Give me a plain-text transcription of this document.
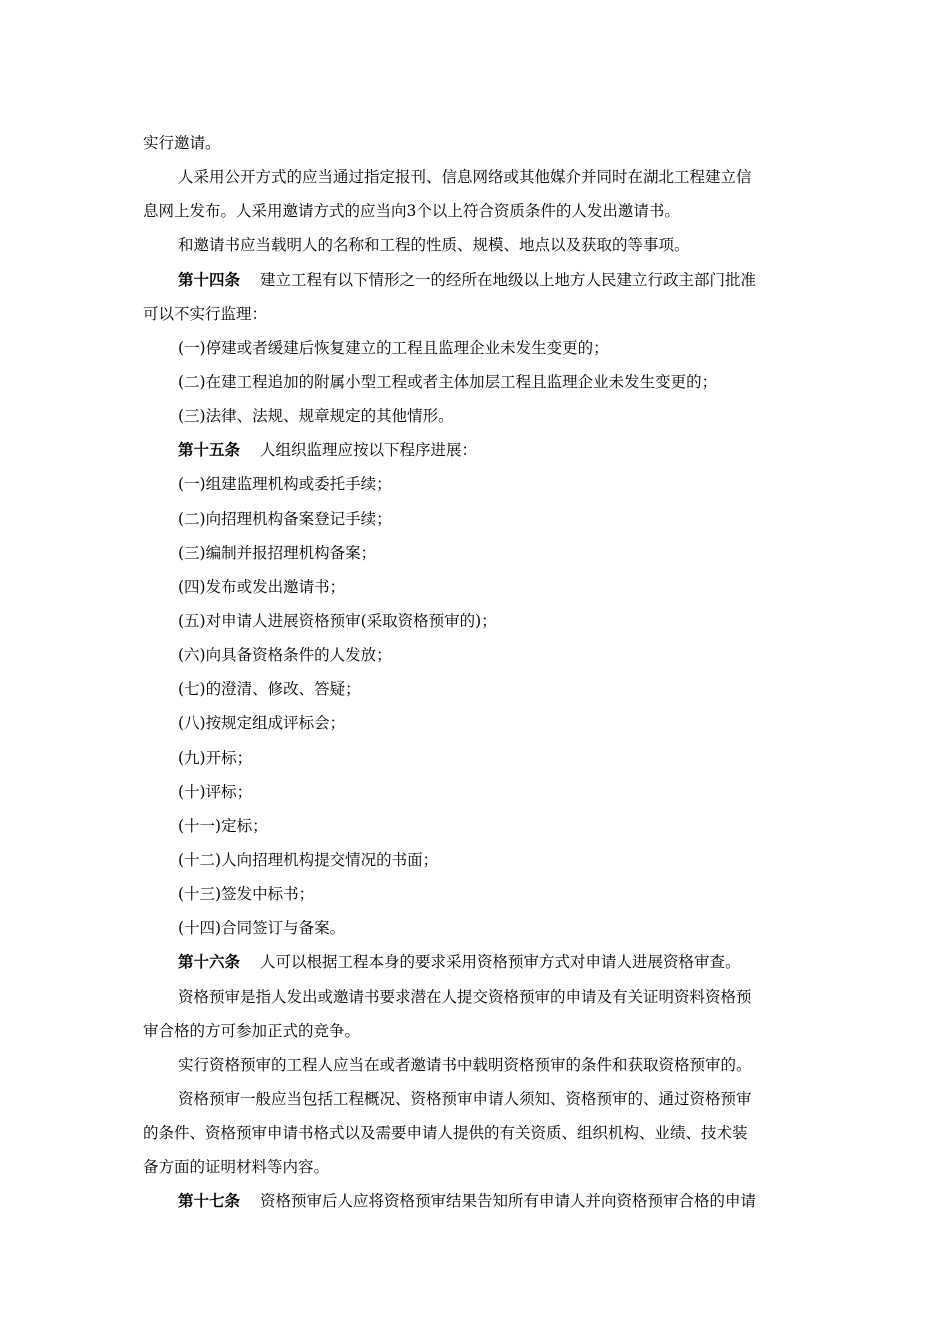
实行邀请。
人采用公开方式的应当通过指定报刊、信息网络或其他媒介并同时在湖北工程建立信
息网上发布。人采用邀请方式的应当向3个以上符合资质条件的人发出邀请书。
和邀请书应当载明人的名称和工程的性质、规模、地点以及获取的等事项。
第十四条 建立工程有以下情形之一的经所在地级以上地方人民建立行政主部门批准
可以不实行监理：
(一)停建或者缓建后恢复建立的工程且监理企业未发生变更的；
(二)在建工程追加的附属小型工程或者主体加层工程且监理企业未发生变更的；
(三)法律、法规、规章规定的其他情形。
第十五条 人组织监理应按以下程序进展：
(一)组建监理机构或委托手续；
(二)向招理机构备案登记手续；
(三)编制并报招理机构备案；
(四)发布或发出邀请书；
(五)对申请人进展资格预审(采取资格预审的)；
(六)向具备资格条件的人发放；
(七)的澄清、修改、答疑；
(八)按规定组成评标会；
(九)开标；
(十)评标；
(十一)定标；
(十二)人向招理机构提交情况的书面；
(十三)签发中标书；
(十四)合同签订与备案。
第十六条 人可以根据工程本身的要求采用资格预审方式对申请人进展资格审查。
资格预审是指人发出或邀请书要求潜在人提交资格预审的申请及有关证明资料资格预
审合格的方可参加正式的竞争。
实行资格预审的工程人应当在或者邀请书中载明资格预审的条件和获取资格预审的。
资格预审一般应当包括工程概况、资格预审申请人须知、资格预审的、通过资格预审
的条件、资格预审申请书格式以及需要申请人提供的有关资质、组织机构、业绩、技术装
备方面的证明材料等内容。
第十七条 资格预审后人应将资格预审结果告知所有申请人并向资格预审合格的申请
